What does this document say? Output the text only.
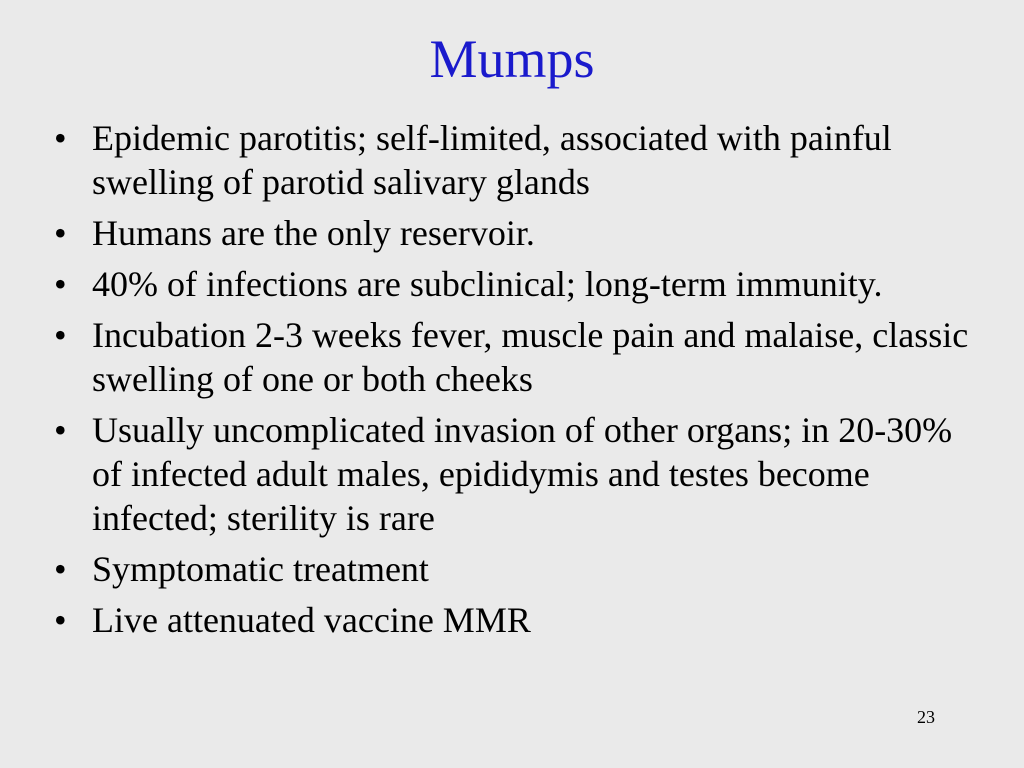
Mumps
• Epidemic parotitis; self-limited, associated with painful swelling of parotid salivary glands
• Humans are the only reservoir.
• 40% of infections are subclinical; long-term immunity.
• Incubation 2-3 weeks fever, muscle pain and malaise, classic swelling of one or both cheeks
• Usually uncomplicated invasion of other organs; in 20-30% of infected adult males, epididymis and testes become infected; sterility is rare
• Symptomatic treatment
• Live attenuated vaccine MMR
23
